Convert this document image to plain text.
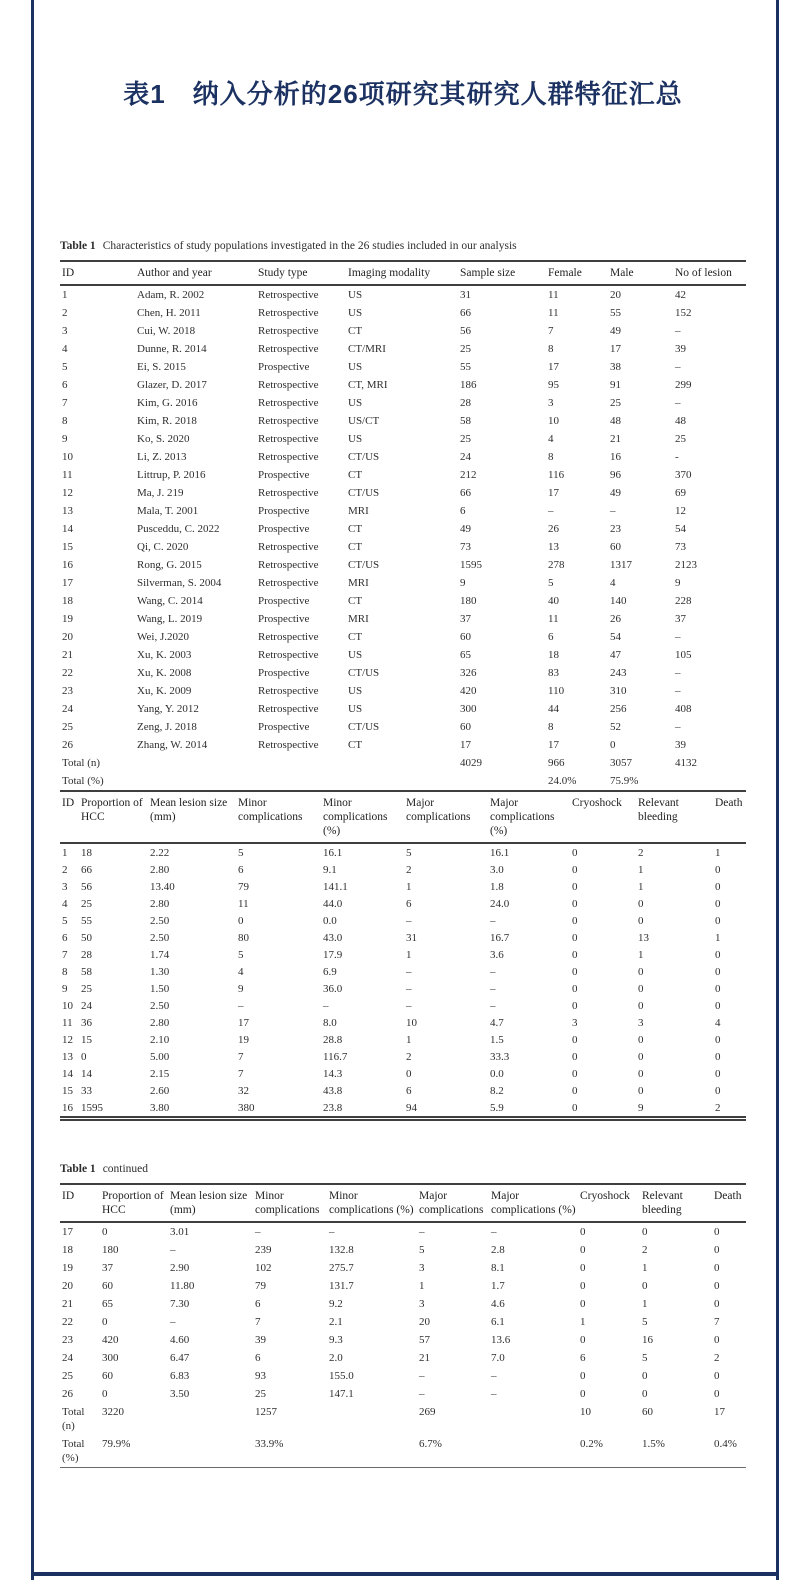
表1　纳入分析的26项研究其研究人群特征汇总

Table 1 Characteristics of study populations investigated in the 26 studies included in our analysis

ID	Author and year	Study type	Imaging modality	Sample size	Female	Male	No of lesion
1	Adam, R. 2002	Retrospective	US	31	11	20	42
2	Chen, H. 2011	Retrospective	US	66	11	55	152
3	Cui, W. 2018	Retrospective	CT	56	7	49	–
4	Dunne, R. 2014	Retrospective	CT/MRI	25	8	17	39
5	Ei, S. 2015	Prospective	US	55	17	38	–
6	Glazer, D. 2017	Retrospective	CT, MRI	186	95	91	299
7	Kim, G. 2016	Retrospective	US	28	3	25	–
8	Kim, R. 2018	Retrospective	US/CT	58	10	48	48
9	Ko, S. 2020	Retrospective	US	25	4	21	25
10	Li, Z. 2013	Retrospective	CT/US	24	8	16	-
11	Littrup, P. 2016	Prospective	CT	212	116	96	370
12	Ma, J. 219	Retrospective	CT/US	66	17	49	69
13	Mala, T. 2001	Prospective	MRI	6	–	–	12
14	Pusceddu, C. 2022	Prospective	CT	49	26	23	54
15	Qi, C. 2020	Retrospective	CT	73	13	60	73
16	Rong, G. 2015	Retrospective	CT/US	1595	278	1317	2123
17	Silverman, S. 2004	Retrospective	MRI	9	5	4	9
18	Wang, C. 2014	Prospective	CT	180	40	140	228
19	Wang, L. 2019	Prospective	MRI	37	11	26	37
20	Wei, J.2020	Retrospective	CT	60	6	54	–
21	Xu, K. 2003	Retrospective	US	65	18	47	105
22	Xu, K. 2008	Prospective	CT/US	326	83	243	–
23	Xu, K. 2009	Retrospective	US	420	110	310	–
24	Yang, Y. 2012	Retrospective	US	300	44	256	408
25	Zeng, J. 2018	Prospective	CT/US	60	8	52	–
26	Zhang, W. 2014	Retrospective	CT	17	17	0	39
Total (n)				4029	966	3057	4132
Total (%)					24.0%	75.9%	
ID	Proportion of HCC	Mean lesion size (mm)	Minor complications	Minor complications (%)	Major complications	Major complications (%)	Cryoshock	Relevant bleeding	Death
1	18	2.22	5	16.1	5	16.1	0	2	1
2	66	2.80	6	9.1	2	3.0	0	1	0
3	56	13.40	79	141.1	1	1.8	0	1	0
4	25	2.80	11	44.0	6	24.0	0	0	0
5	55	2.50	0	0.0	–	–	0	0	0
6	50	2.50	80	43.0	31	16.7	0	13	1
7	28	1.74	5	17.9	1	3.6	0	1	0
8	58	1.30	4	6.9	–	–	0	0	0
9	25	1.50	9	36.0	–	–	0	0	0
10	24	2.50	–	–	–	–	0	0	0
11	36	2.80	17	8.0	10	4.7	3	3	4
12	15	2.10	19	28.8	1	1.5	0	0	0
13	0	5.00	7	116.7	2	33.3	0	0	0
14	14	2.15	7	14.3	0	0.0	0	0	0
15	33	2.60	32	43.8	6	8.2	0	0	0
16	1595	3.80	380	23.8	94	5.9	0	9	2

Table 1 continued

ID	Proportion of HCC	Mean lesion size (mm)	Minor complications	Minor complications (%)	Major complications	Major complications (%)	Cryoshock	Relevant bleeding	Death
17	0	3.01	–	–	–	–	0	0	0
18	180	–	239	132.8	5	2.8	0	2	0
19	37	2.90	102	275.7	3	8.1	0	1	0
20	60	11.80	79	131.7	1	1.7	0	0	0
21	65	7.30	6	9.2	3	4.6	0	1	0
22	0	–	7	2.1	20	6.1	1	5	7
23	420	4.60	39	9.3	57	13.6	0	16	0
24	300	6.47	6	2.0	21	7.0	6	5	2
25	60	6.83	93	155.0	–	–	0	0	0
26	0	3.50	25	147.1	–	–	0	0	0
Total (n)	3220		1257		269		10	60	17
Total (%)	79.9%		33.9%		6.7%		0.2%	1.5%	0.4%
